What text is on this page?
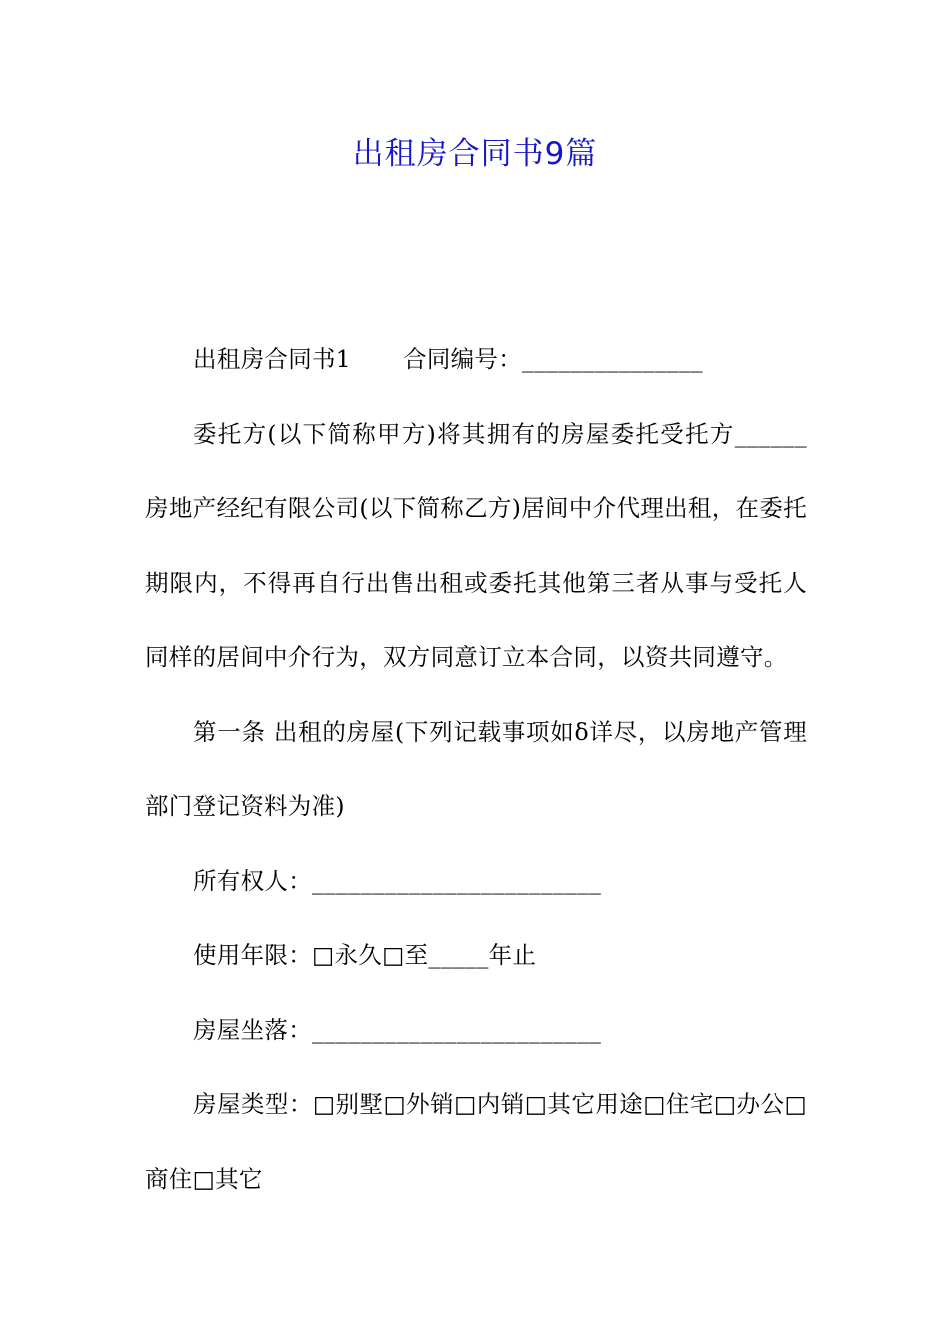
出租房合同书9篇

出租房合同书1 合同编号：_______________

委托方(以下简称甲方)将其拥有的房屋委托受托方______房地产经纪有限公司(以下简称乙方)居间中介代理出租，在委托期限内，不得再自行出售出租或委托其他第三者从事与受托人同样的居间中介行为，双方同意订立本合同，以资共同遵守。

第一条 出租的房屋(下列记载事项如δ详尽，以房地产管理部门登记资料为准)

所有权人：________________________

使用年限：□永久□至_____年止

房屋坐落：________________________

房屋类型：□别墅□外销□内销□其它用途□住宅□办公□商住□其它
